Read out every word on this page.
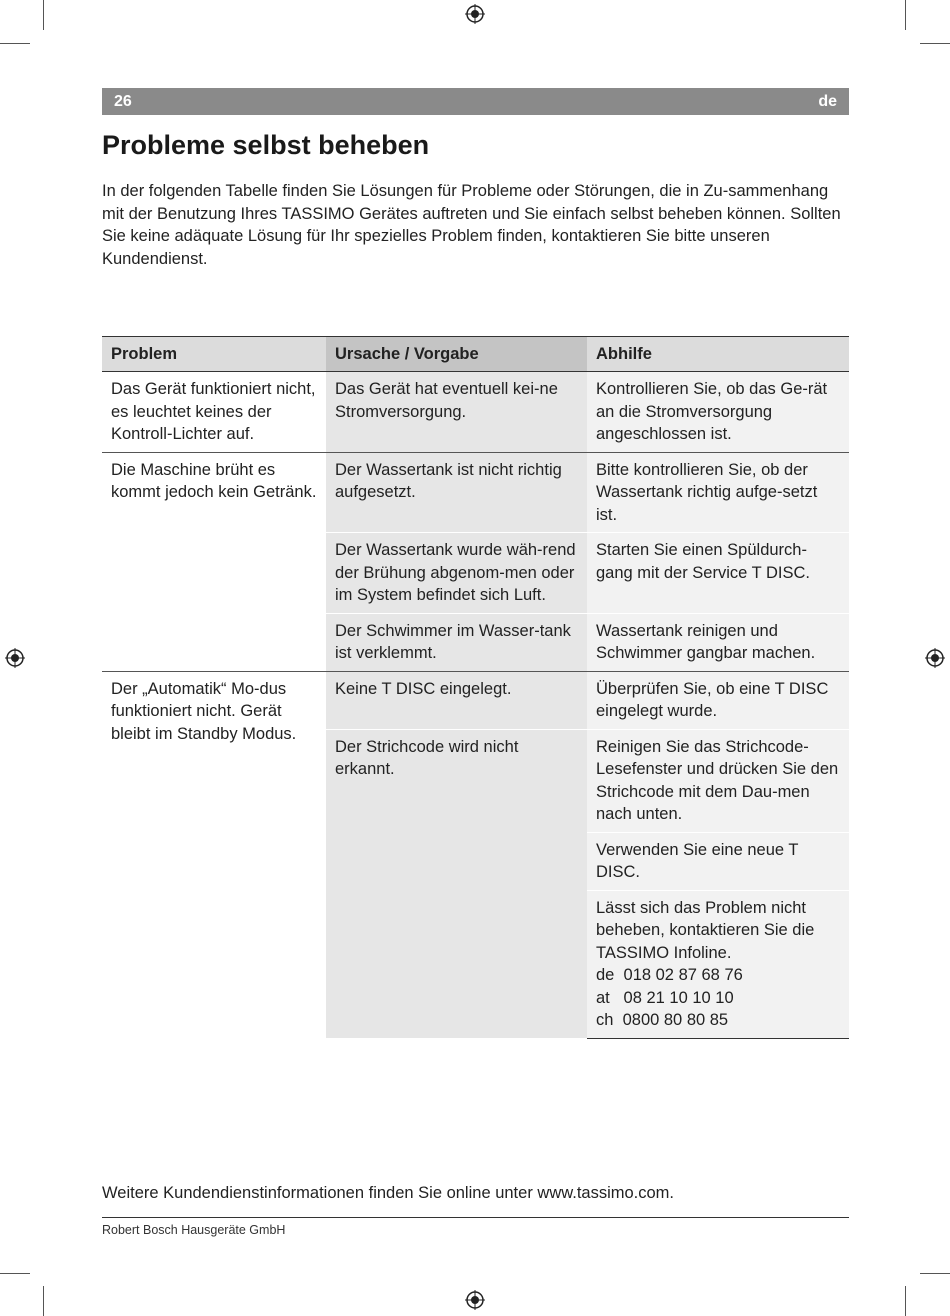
26	de
Probleme selbst beheben

In der folgenden Tabelle finden Sie Lösungen für Probleme oder Störungen, die in Zu-sammenhang mit der Benutzung Ihres TASSIMO Gerätes auftreten und Sie einfach selbst beheben können. Sollten Sie keine adäquate Lösung für Ihr spezielles Problem finden, kontaktieren Sie bitte unseren Kundendienst.

Problem	Ursache / Vorgabe	Abhilfe
Das Gerät funktioniert nicht, es leuchtet keines der Kontroll-Lichter auf.	Das Gerät hat eventuell kei-ne Stromversorgung.	Kontrollieren Sie, ob das Ge-rät an die Stromversorgung angeschlossen ist.
Die Maschine brüht es kommt jedoch kein Getränk.	Der Wassertank ist nicht richtig aufgesetzt.	Bitte kontrollieren Sie, ob der Wassertank richtig aufge-setzt ist.
	Der Wassertank wurde wäh-rend der Brühung abgenom-men oder im System befindet sich Luft.	Starten Sie einen Spüldurch-gang mit der Service T DISC.
	Der Schwimmer im Wasser-tank ist verklemmt.	Wassertank reinigen und Schwimmer gangbar machen.
Der „Automatik“ Mo-dus funktioniert nicht. Gerät bleibt im Standby Modus.	Keine T DISC eingelegt.	Überprüfen Sie, ob eine T DISC eingelegt wurde.
	Der Strichcode wird nicht erkannt.	Reinigen Sie das Strichcode-Lesefenster und drücken Sie den Strichcode mit dem Dau-men nach unten.
		Verwenden Sie eine neue T DISC.

		Lässt sich das Problem nicht beheben, kontaktieren Sie die TASSIMO Infoline.
de  018 02 87 68 76
at   08 21 10 10 10
ch  0800 80 80 85

Weitere Kundendienstinformationen finden Sie online unter www.tassimo.com.

Robert Bosch Hausgeräte GmbH
